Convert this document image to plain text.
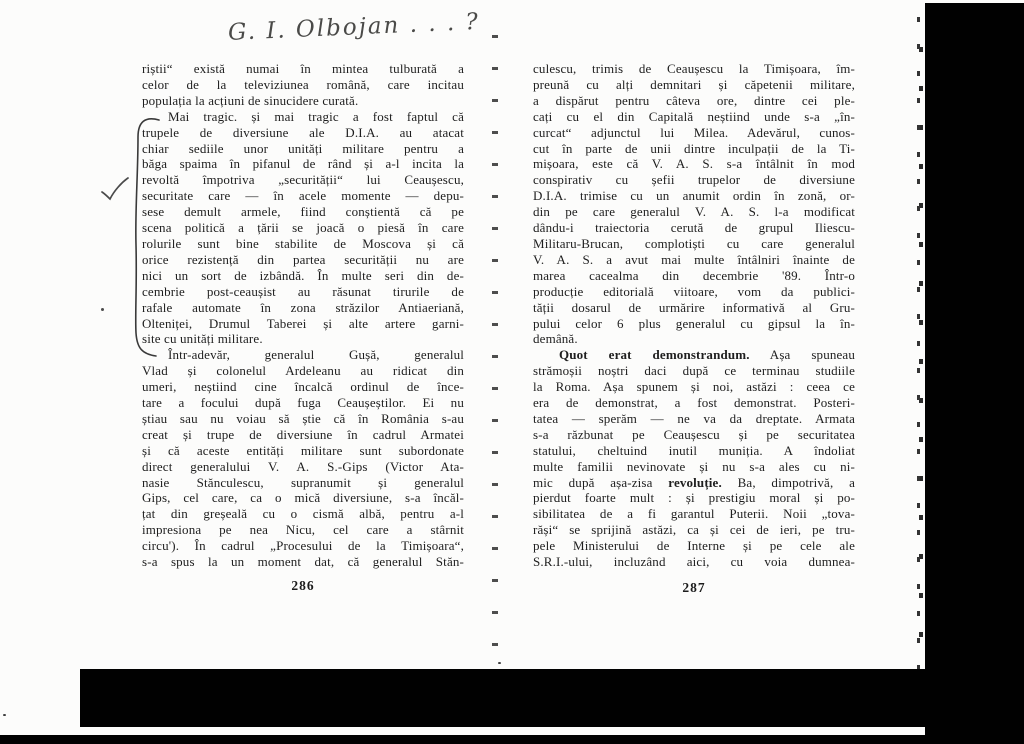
G. I. Olbojan . . . ?
riștii“ există numai în mintea tulburată a
celor de la televiziunea română, care incitau
populația la acțiuni de sinucidere curată.
Mai tragic. și mai tragic a fost faptul că
trupele de diversiune ale D.I.A. au atacat
chiar sediile unor unități militare pentru a
băga spaima în pifanul de rând și a-l incita la
revoltă împotriva „securității“ lui Ceaușescu,
securitate care — în acele momente — depu-
sese demult armele, fiind conștientă că pe
scena politică a țării se joacă o piesă în care
rolurile sunt bine stabilite de Moscova și că
orice rezistență din partea securității nu are
nici un sort de izbândă. În multe seri din de-
cembrie post-ceaușist au răsunat tirurile de
rafale automate în zona străzilor Antiaeriană,
Olteniței, Drumul Taberei și alte artere garni-
site cu unități militare.
Într-adevăr, generalul Gușă, generalul
Vlad și colonelul Ardeleanu au ridicat din
umeri, neștiind cine încalcă ordinul de înce-
tare a focului după fuga Ceaușeștilor. Ei nu
știau sau nu voiau să știe că în România s-au
creat și trupe de diversiune în cadrul Armatei
și că aceste entități militare sunt subordonate
direct generalului V. A. S.-Gips (Victor Ata-
nasie Stănculescu, supranumit și generalul
Gips, cel care, ca o mică diversiune, s-a încăl-
țat din greșeală cu o cismă albă, pentru a-l
impresiona pe nea Nicu, cel care a stârnit
circu'). În cadrul „Procesului de la Timișoara“,
s-a spus la un moment dat, că generalul Stăn-
culescu, trimis de Ceaușescu la Timișoara, îm-
preună cu alți demnitari și căpetenii militare,
a dispărut pentru câteva ore, dintre cei ple-
cați cu el din Capitală neștiind unde s-a „în-
curcat“ adjunctul lui Milea. Adevărul, cunos-
cut în parte de unii dintre inculpații de la Ti-
mișoara, este că V. A. S. s-a întâlnit în mod
conspirativ cu șefii trupelor de diversiune
D.I.A. trimise cu un anumit ordin în zonă, or-
din pe care generalul V. A. S. l-a modificat
dându-i traiectoria cerută de grupul Iliescu-
Militaru-Brucan, complotiști cu care generalul
V. A. S. a avut mai multe întâlniri înainte de
marea cacealma din decembrie '89. Într-o
producție editorială viitoare, vom da publici-
tății dosarul de urmărire informativă al Gru-
pului celor 6 plus generalul cu gipsul la în-
demână.
Quot erat demonstrandum. Așa spuneau
strămoșii noștri daci după ce terminau studiile
la Roma. Așa spunem și noi, astăzi : ceea ce
era de demonstrat, a fost demonstrat. Posteri-
tatea — sperăm — ne va da dreptate. Armata
s-a răzbunat pe Ceaușescu și pe securitatea
statului, cheltuind inutil muniția. A îndoliat
multe familii nevinovate și nu s-a ales cu ni-
mic după așa-zisa revoluție. Ba, dimpotrivă, a
pierdut foarte mult : și prestigiu moral și po-
sibilitatea de a fi garantul Puterii. Noii „tova-
răși“ se sprijină astăzi, ca și cei de ieri, pe tru-
pele Ministerului de Interne și pe cele ale
S.R.I.-ului, incluzând aici, cu voia dumnea-
286	287
